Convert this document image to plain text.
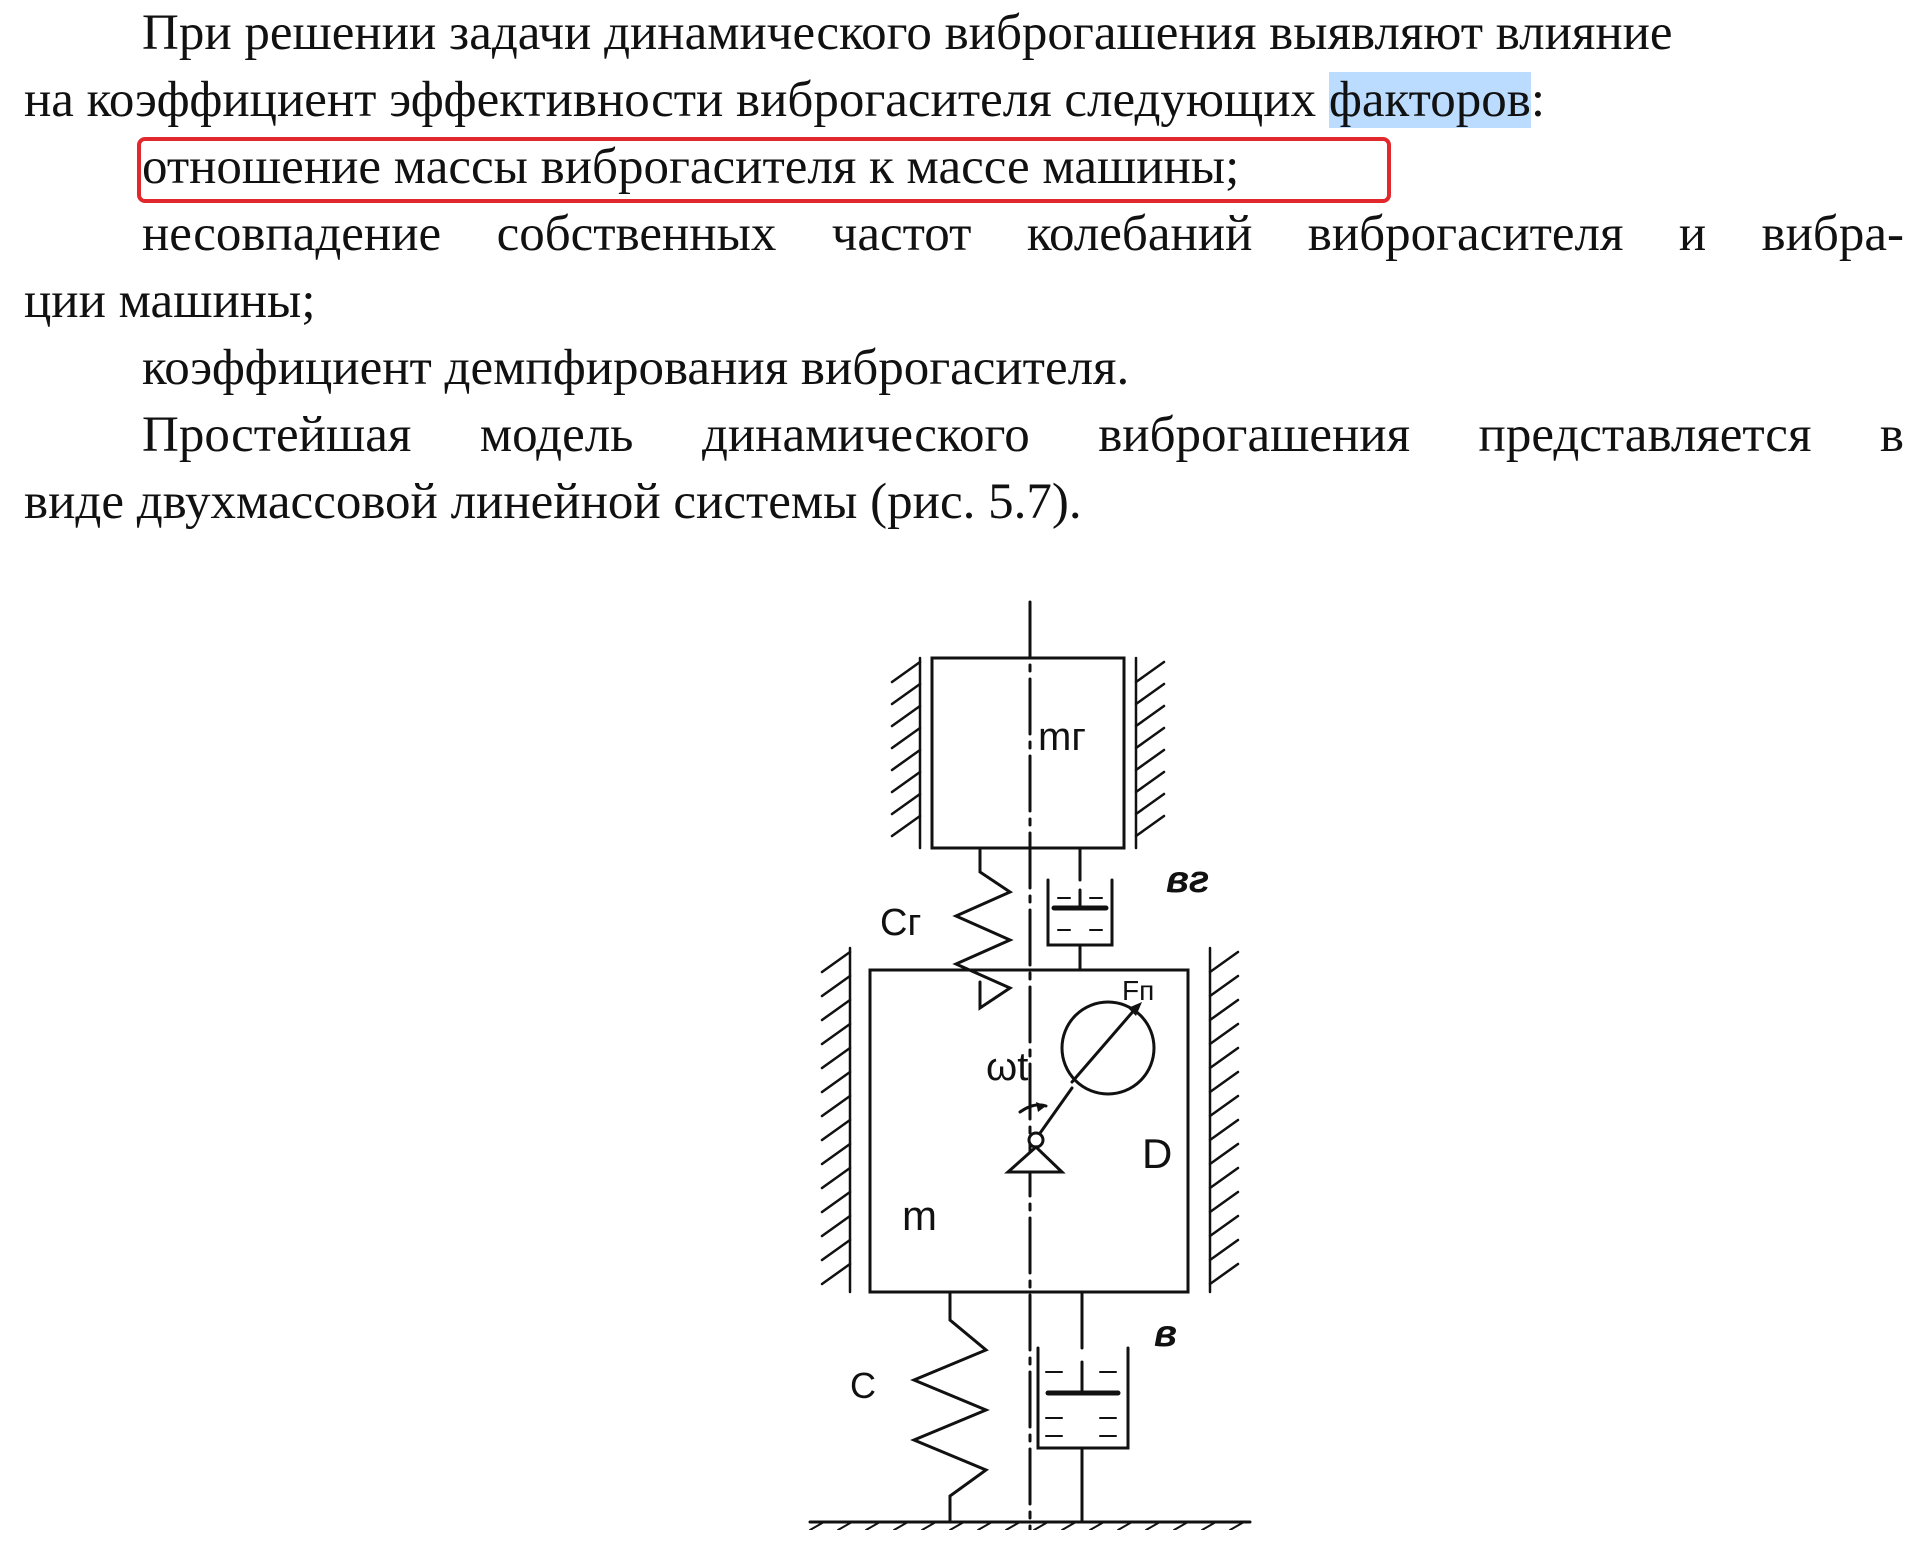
При решении задачи динамического виброгашения выявляют влияние
на коэффициент эффективности виброгасителя следующих факторов:
отношение массы виброгасителя к массе машины;
несовпадение собственных частот колебаний виброгасителя и вибра-
ции машины;
коэффициент демпфирования виброгасителя.
Простейшая модель динамического виброгашения представляется в
виде двухмассовой линейной системы (рис. 5.7).
mг
Cг
вг
m
Fп
ωt
D
C
в
